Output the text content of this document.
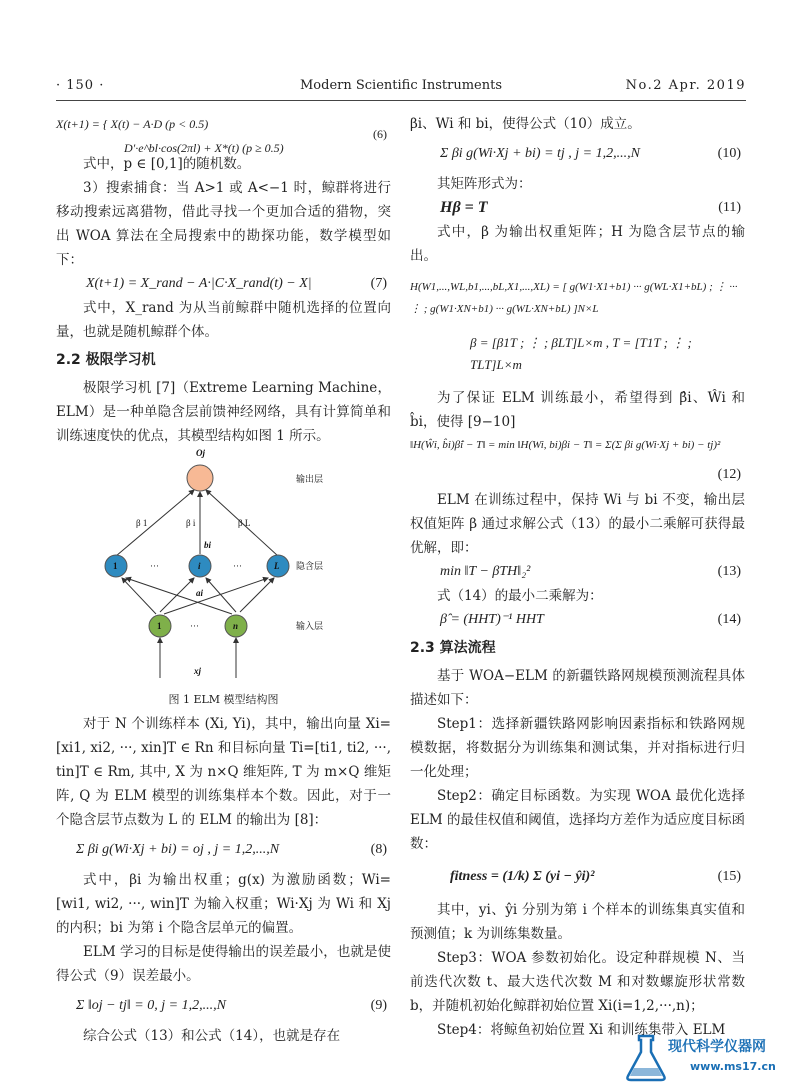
· 150 ·	Modern Scientific Instruments	No.2 Apr. 2019
X(t+1) = { X(t) − A·D (p < 0.5)
D′·e^bl·cos(2πl) + X*(t) (p ≥ 0.5)
(6)

式中，p ∈ [0,1]的随机数。

3）搜索捕食：当 A>1 或 A<−1 时，鲸群将进行移动搜索远离猎物，借此寻找一个更加合适的猎物，突出 WOA 算法在全局搜索中的勘探功能，数学模型如下：

X(t+1) = X_rand − A·|C·X_rand(t) − X|	(7)

式中，X_rand 为从当前鲸群中随机选择的位置向量，也就是随机鲸群个体。

2.2 极限学习机

极限学习机 [7]（Extreme Learning Machine，ELM）是一种单隐含层前馈神经网络，具有计算简单和训练速度快的优点，其模型结构如图 1 所示。

Oj
1	i	L
1	n
···	···
···
β 1	β i	β L
bi
ai
xj
输出层
隐含层
输入层
图 1 ELM 模型结构图

对于 N 个训练样本 (Xi, Yi)，其中，输出向量 Xi=[xi1, xi2, ···, xin]T ∈ Rn 和目标向量 Ti=[ti1, ti2, ···, tin]T ∈ Rm, 其中, X 为 n×Q 维矩阵, T 为 m×Q 维矩阵, Q 为 ELM 模型的训练集样本个数。因此，对于一个隐含层节点数为 L 的 ELM 的输出为 [8]：

Σ βi g(Wi·Xj + bi) = oj , j = 1,2,...,N	(8)

式中，βi 为输出权重；g(x) 为激励函数；Wi=[wi1, wi2, ···, win]T 为输入权重；Wi·Xj 为 Wi 和 Xj 的内积；bi 为第 i 个隐含层单元的偏置。

ELM 学习的目标是使得输出的误差最小，也就是使得公式（9）误差最小。

Σ ‖oj − tj‖ = 0, j = 1,2,...,N	(9)

综合公式（13）和公式（14），也就是存在

βi、Wi 和 bi，使得公式（10）成立。

Σ βi g(Wi·Xj + bi) = tj , j = 1,2,...,N	(10)

其矩阵形式为：

Hβ = T	(11)

式中，β 为输出权重矩阵；H 为隐含层节点的输出。

H(W1,...,WL,b1,...,bL,X1,...,XL) = [ g(W1·X1+b1) ··· g(WL·X1+bL) ; ⋮ ··· ⋮ ; g(W1·XN+b1) ··· g(WL·XN+bL) ]N×L
β = [β1T ; ⋮ ; βLT]L×m , T = [T1T ; ⋮ ; TLT]L×m

为了保证 ELM 训练最小，希望得到 β̂i、Ŵi 和 b̂i，使得 [9−10]

‖H(Ŵi, b̂i)β̂i − T‖ = min ‖H(Wi, bi)βi − T‖ = Σ(Σ βi g(Wi·Xj + bi) − tj)²
(12)

ELM 在训练过程中，保持 Wi 与 bi 不变，输出层权值矩阵 β 通过求解公式（13）的最小二乘解可获得最优解，即：

min ‖T − βTH‖₂²	(13)

式（14）的最小二乘解为：

β̂ = (HHT)⁻¹ HHT	(14)
2.3 算法流程

基于 WOA−ELM 的新疆铁路网规模预测流程具体描述如下：

Step1：选择新疆铁路网影响因素指标和铁路网规模数据，将数据分为训练集和测试集，并对指标进行归一化处理；

Step2：确定目标函数。为实现 WOA 最优化选择 ELM 的最佳权值和阈值，选择均方差作为适应度目标函数：

fitness = (1/k) Σ (yi − ŷi)²	(15)

其中，yi、ŷi 分别为第 i 个样本的训练集真实值和预测值；k 为训练集数量。

Step3：WOA 参数初始化。设定种群规模 N、当前迭代次数 t、最大迭代次数 M 和对数螺旋形状常数 b，并随机初始化鲸群初始位置 Xi(i=1,2,···,n)；

Step4：将鲸鱼初始位置 Xi 和训练集带入 ELM

现代科学仪器网
www.ms17.cn
